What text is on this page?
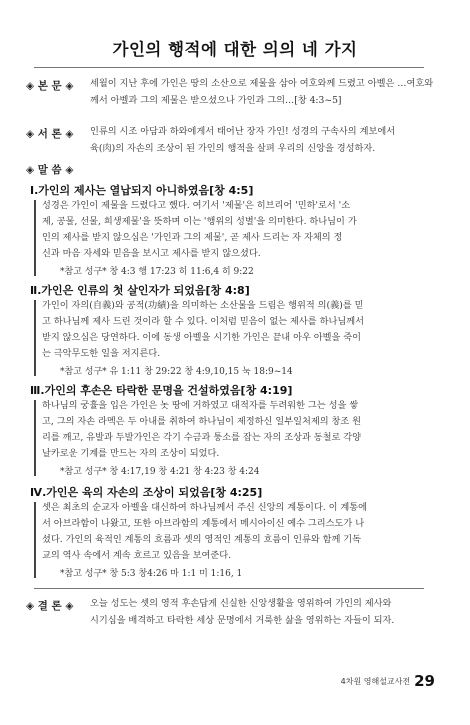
가인의 행적에 대한 의의 네 가지
◈ 본 문 ◈ 세월이 지난 후에 가인은 땅의 소산으로 제물을 삼아 여호와께 드렸고 아벨은 …여호와
께서 아벨과 그의 제물은 받으셨으나 가인과 그의…[창 4:3~5]

◈ 서 론 ◈ 인류의 시조 아담과 하와에게서 태어난 장자 가인! 성경의 구속사의 계보에서
육(肉)의 자손의 조상이 된 가인의 행적을 살펴 우리의 신앙을 경성하자.

◈ 말 씀 ◈
Ⅰ.가인의 제사는 열납되지 아니하였음[창 4:5]

성경은 가인이 제물을 드렸다고 했다. 여기서 '제물'은 히브리어 '민하'로서 '소
제, 공물, 선물, 희생제물'을 뜻하며 이는 '행위의 성별'을 의미한다. 하나님이 가
인의 제사를 받지 않으심은 '가인과 그의 제물', 곧 제사 드리는 자 자체의 정
신과 마음 자세와 믿음을 보시고 제사를 받지 않으셨다.

*참고 성구* 창 4:3 행 17:23 히 11:6,4 히 9:22
Ⅱ.가인은 인류의 첫 살인자가 되었음[창 4:8]

가인이 자의(自義)와 공적(功績)을 의미하는 소산물을 드림은 행위적 의(義)를 믿
고 하나님께 제사 드린 것이라 할 수 있다. 이처럼 믿음이 없는 제사를 하나님께서
받지 않으심은 당연하다. 이에 동생 아벨을 시기한 가인은 끝내 아우 아벨을 죽이
는 극악무도한 일을 저지른다.

*참고 성구* 유 1:11 창 29:22 창 4:9,10,15 눅 18:9~14
Ⅲ.가인의 후손은 타락한 문명을 건설하였음[창 4:19]

하나님의 궁휼을 입은 가인은 놋 땅에 거하였고 대적자를 두려워한 그는 성을 쌓
고, 그의 자손 라멕은 두 아내를 취하여 하나님이 제정하신 일부일처제의 창조 원
리를 깨고, 유발과 두발가인은 각기 수금과 퉁소를 잡는 자의 조상과 동철로 각양
날카로운 기계를 만드는 자의 조상이 되었다.

*참고 성구* 창 4:17,19 창 4:21 창 4:23 창 4:24
Ⅳ.가인은 육의 자손의 조상이 되었음[창 4:25]

셋은 최초의 순교자 아벨을 대신하여 하나님께서 주신 신앙의 계통이다. 이 계통에
서 아브라함이 나왔고, 또한 아브라함의 계통에서 메시아이신 예수 그리스도가 나
셨다. 가인의 육적인 계통의 흐름과 셋의 영적인 계통의 흐름이 인류와 함께 기독
교의 역사 속에서 계속 흐르고 있음을 보여준다.

*참고 성구* 창 5:3 창4:26 마 1:1 미 1:16, 1
◈ 결 론 ◈ 오늘 성도는 셋의 영적 후손답게 신실한 신앙생활을 영위하여 가인의 제사와
시기심을 배격하고 타락한 세상 문명에서 거룩한 삶을 영위하는 자들이 되자.

4차원 영해설교사전 29
